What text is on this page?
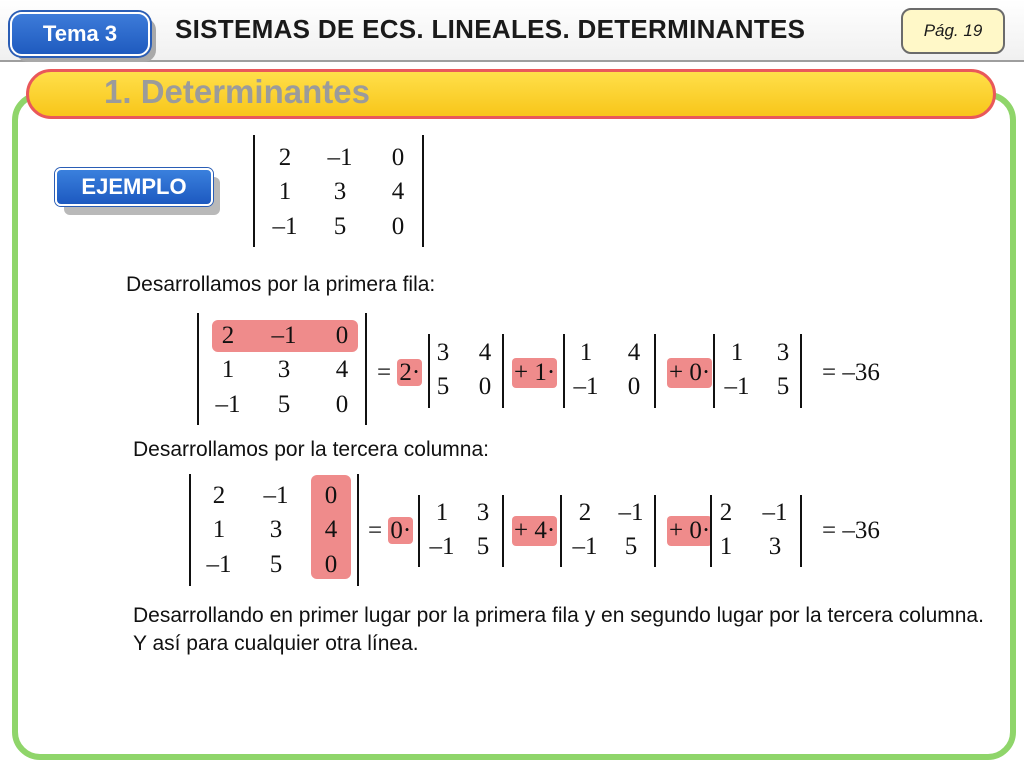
Tema 3	SISTEMAS DE ECS. LINEALES. DETERMINANTES	Pág. 19
1. Determinantes
EJEMPLO
2	–1	0
1	3	4
–1	5	0
Desarrollamos por la primera fila:
2	–1	0
1	3	4
–1	5	0
= 2·
3	4
5	0
+ 1·
1	4
–1	0
+ 0·
1	3
–1	5
= –36
Desarrollamos por la tercera columna:
2	–1	0
1	3	4
–1	5	0
= 0·
1	3
–1 5
+ 4·
2	–1
–1	5
+ 0·
2	–1
1	3
= –36
Desarrollando en primer lugar por la primera fila y en segundo lugar por la tercera columna. Y así para cualquier otra línea.
